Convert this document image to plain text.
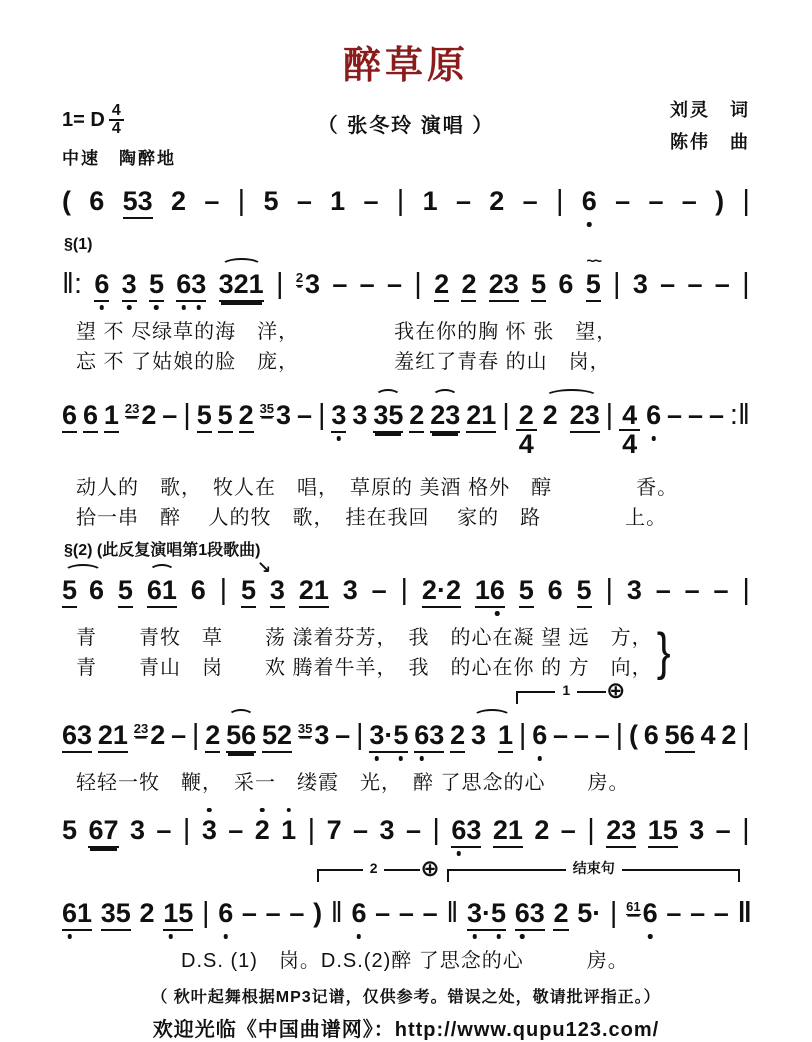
醉草原
1= D 4
4
中速　陶醉地
（ 张冬玲 演唱 ）
刘灵　词
陈伟　曲
( 6 53 2 – | 5 – 1 – | 1 – 2 – | 6 – – – ) |
§(1)
‖: 6 3 5 63 321 | $^2$3 – – – | 2 2 23 5 6 5
~~
| 3 – – – |
望 不 尽绿草的海　洋，　　　　　我在你的胸 怀 张　望，
忘 不 了姑娘的脸　庞，　　　　　羞红了青春 的山　岗，
6 6 1 $^{23}$2 – | 5 5 2 $^{35}$3 – | 3 3 35 2 23 21 | 2
4
2 23 | 4
4
6 – – – :‖
动人的　歌，　牧人在　唱，　草原的 美酒 格外　醇　　　　香。
拾一串　醉　 人的牧　歌，　挂在我回　 家的　路　　　　上。
§(2) (此反复演唱第1段歌曲)
5 6 5 61 6 | 5
↘
3 21 3 – | 2·2 16 5 6 5 | 3 – – – |
青　　青牧　草　　荡 漾着芬芳，　我　的心在凝 望 远　方，
青　　青山　岗　　欢 腾着牛羊，　我　的心在你 的 方　向， }
1	⊕
63 21 $^{23}$2 – | 2 56 52 $^{35}$3 – | 3·5 63 2 3 1 | 6 – – – | ( 6 56 4 2 |
轻轻一牧　鞭，　采一　缕霞　光，　醉 了思念的心　　房。
5 67 3 – | 3 – 2 1 | 7 – 3 – | 63 21 2 – | 23 15 3 – |
2	⊕	结束句
61 35 2 15 | 6 – – – ) ‖ 6 – – – ‖ 3·5 63 2 5· | $^{61}$6 – – – ‖
　　　　　D.S. (1)　岗。D.S.(2)醉 了思念的心　　　房。
（ 秋叶起舞根据MP3记谱，仅供参考。错误之处，敬请批评指正。）
欢迎光临《中国曲谱网》：http://www.qupu123.com/
